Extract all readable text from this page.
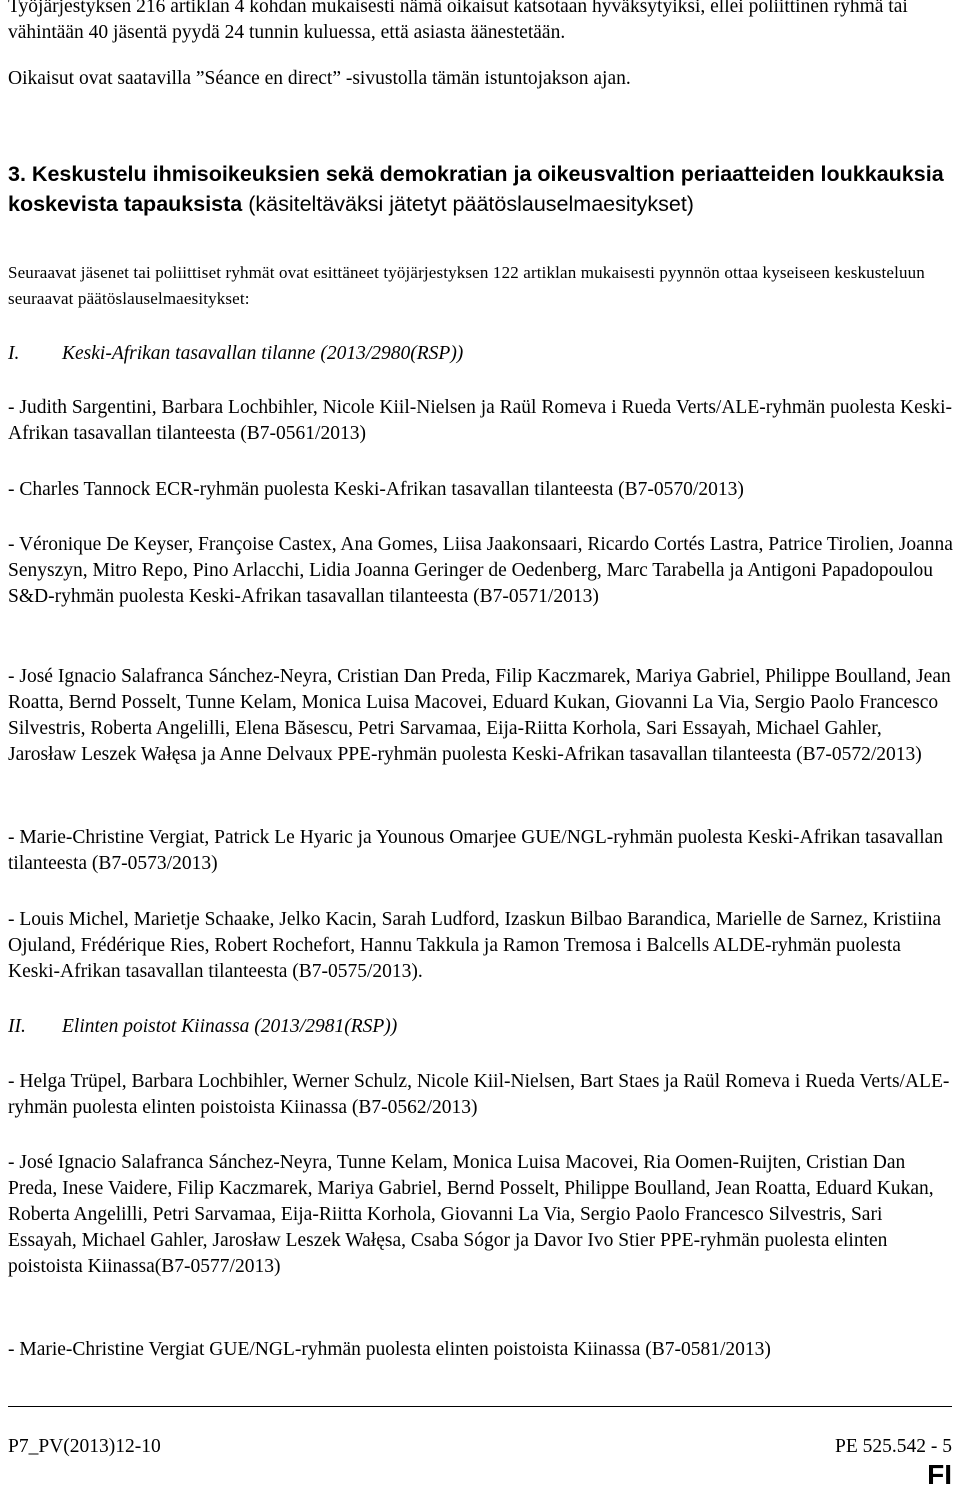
Työjärjestyksen 216 artiklan 4 kohdan mukaisesti nämä oikaisut katsotaan hyväksytyiksi, ellei poliittinen ryhmä tai vähintään 40 jäsentä pyydä 24 tunnin kuluessa, että asiasta äänestetään.

Oikaisut ovat saatavilla ”Séance en direct” -sivustolla tämän istuntojakson ajan.

3. Keskustelu ihmisoikeuksien sekä demokratian ja oikeusvaltion periaatteiden loukkauksia koskevista tapauksista (käsiteltäväksi jätetyt päätöslauselmaesitykset)

Seuraavat jäsenet tai poliittiset ryhmät ovat esittäneet työjärjestyksen 122 artiklan mukaisesti pyynnön ottaa kyseiseen keskusteluun seuraavat päätöslauselmaesitykset:

I. Keski-Afrikan tasavallan tilanne (2013/2980(RSP))

- Judith Sargentini, Barbara Lochbihler, Nicole Kiil-Nielsen ja Raül Romeva i Rueda Verts/ALE-ryhmän puolesta Keski-Afrikan tasavallan tilanteesta (B7-0561/2013)

- Charles Tannock ECR-ryhmän puolesta Keski-Afrikan tasavallan tilanteesta (B7-0570/2013)

- Véronique De Keyser, Françoise Castex, Ana Gomes, Liisa Jaakonsaari, Ricardo Cortés Lastra, Patrice Tirolien, Joanna Senyszyn, Mitro Repo, Pino Arlacchi, Lidia Joanna Geringer de Oedenberg, Marc Tarabella ja Antigoni Papadopoulou S&D-ryhmän puolesta Keski-Afrikan tasavallan tilanteesta (B7-0571/2013)

- José Ignacio Salafranca Sánchez-Neyra, Cristian Dan Preda, Filip Kaczmarek, Mariya Gabriel, Philippe Boulland, Jean Roatta, Bernd Posselt, Tunne Kelam, Monica Luisa Macovei, Eduard Kukan, Giovanni La Via, Sergio Paolo Francesco Silvestris, Roberta Angelilli, Elena Băsescu, Petri Sarvamaa, Eija-Riitta Korhola, Sari Essayah, Michael Gahler, Jarosław Leszek Wałęsa ja Anne Delvaux PPE-ryhmän puolesta Keski-Afrikan tasavallan tilanteesta (B7-0572/2013)

- Marie-Christine Vergiat, Patrick Le Hyaric ja Younous Omarjee GUE/NGL-ryhmän puolesta Keski-Afrikan tasavallan tilanteesta (B7-0573/2013)

- Louis Michel, Marietje Schaake, Jelko Kacin, Sarah Ludford, Izaskun Bilbao Barandica, Marielle de Sarnez, Kristiina Ojuland, Frédérique Ries, Robert Rochefort, Hannu Takkula ja Ramon Tremosa i Balcells ALDE-ryhmän puolesta Keski-Afrikan tasavallan tilanteesta (B7-0575/2013).

II. Elinten poistot Kiinassa (2013/2981(RSP))

- Helga Trüpel, Barbara Lochbihler, Werner Schulz, Nicole Kiil-Nielsen, Bart Staes ja Raül Romeva i Rueda Verts/ALE-ryhmän puolesta elinten poistoista Kiinassa (B7-0562/2013)

- José Ignacio Salafranca Sánchez-Neyra, Tunne Kelam, Monica Luisa Macovei, Ria Oomen-Ruijten, Cristian Dan Preda, Inese Vaidere, Filip Kaczmarek, Mariya Gabriel, Bernd Posselt, Philippe Boulland, Jean Roatta, Eduard Kukan, Roberta Angelilli, Petri Sarvamaa, Eija-Riitta Korhola, Giovanni La Via, Sergio Paolo Francesco Silvestris, Sari Essayah, Michael Gahler, Jarosław Leszek Wałęsa, Csaba Sógor ja Davor Ivo Stier PPE-ryhmän puolesta elinten poistoista Kiinassa(B7-0577/2013)

- Marie-Christine Vergiat GUE/NGL-ryhmän puolesta elinten poistoista Kiinassa (B7-0581/2013)

P7_PV(2013)12-10	PE 525.542 - 5
FI
